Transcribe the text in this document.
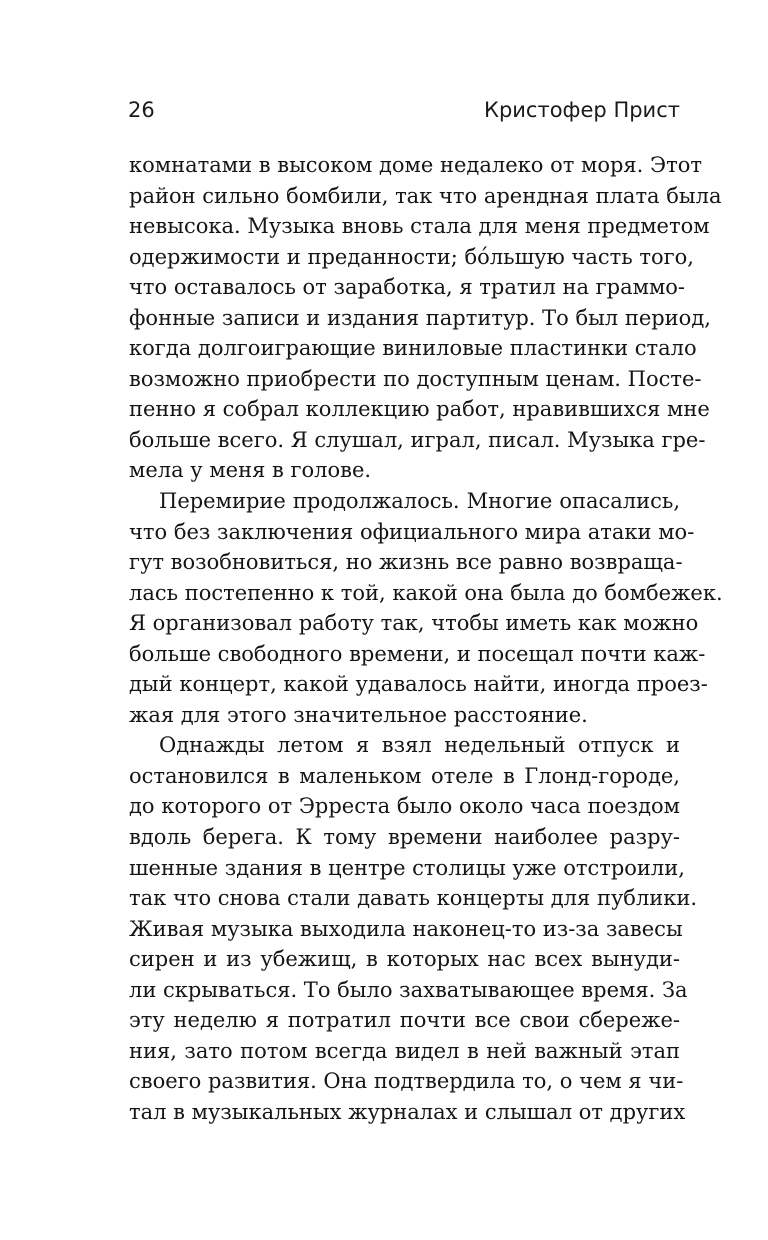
26	Кристофер Прист
комнатами в высоком доме недалеко от моря. Этот
район сильно бомбили, так что арендная плата была
невысока. Музыка вновь стала для меня предметом
одержимости и преданности; бо́льшую часть того,
что оставалось от заработка, я тратил на граммо-
фонные записи и издания партитур. То был период,
когда долгоиграющие виниловые пластинки стало
возможно приобрести по доступным ценам. Посте-
пенно я собрал коллекцию работ, нравившихся мне
больше всего. Я слушал, играл, писал. Музыка гре-
мела у меня в голове.
Перемирие продолжалось. Многие опасались,
что без заключения официального мира атаки мо-
гут возобновиться, но жизнь все равно возвраща-
лась постепенно к той, какой она была до бомбежек.
Я организовал работу так, чтобы иметь как можно
больше свободного времени, и посещал почти каж-
дый концерт, какой удавалось найти, иногда проез-
жая для этого значительное расстояние.
Однажды летом я взял недельный отпуск и
остановился в маленьком отеле в Глонд-городе,
до которого от Эрреста было около часа поездом
вдоль берега. К тому времени наиболее разру-
шенные здания в центре столицы уже отстроили,
так что снова стали давать концерты для публики.
Живая музыка выходила наконец-то из-за завесы
сирен и из убежищ, в которых нас всех вынуди-
ли скрываться. То было захватывающее время. За
эту неделю я потратил почти все свои сбереже-
ния, зато потом всегда видел в ней важный этап
своего развития. Она подтвердила то, о чем я чи-
тал в музыкальных журналах и слышал от других
